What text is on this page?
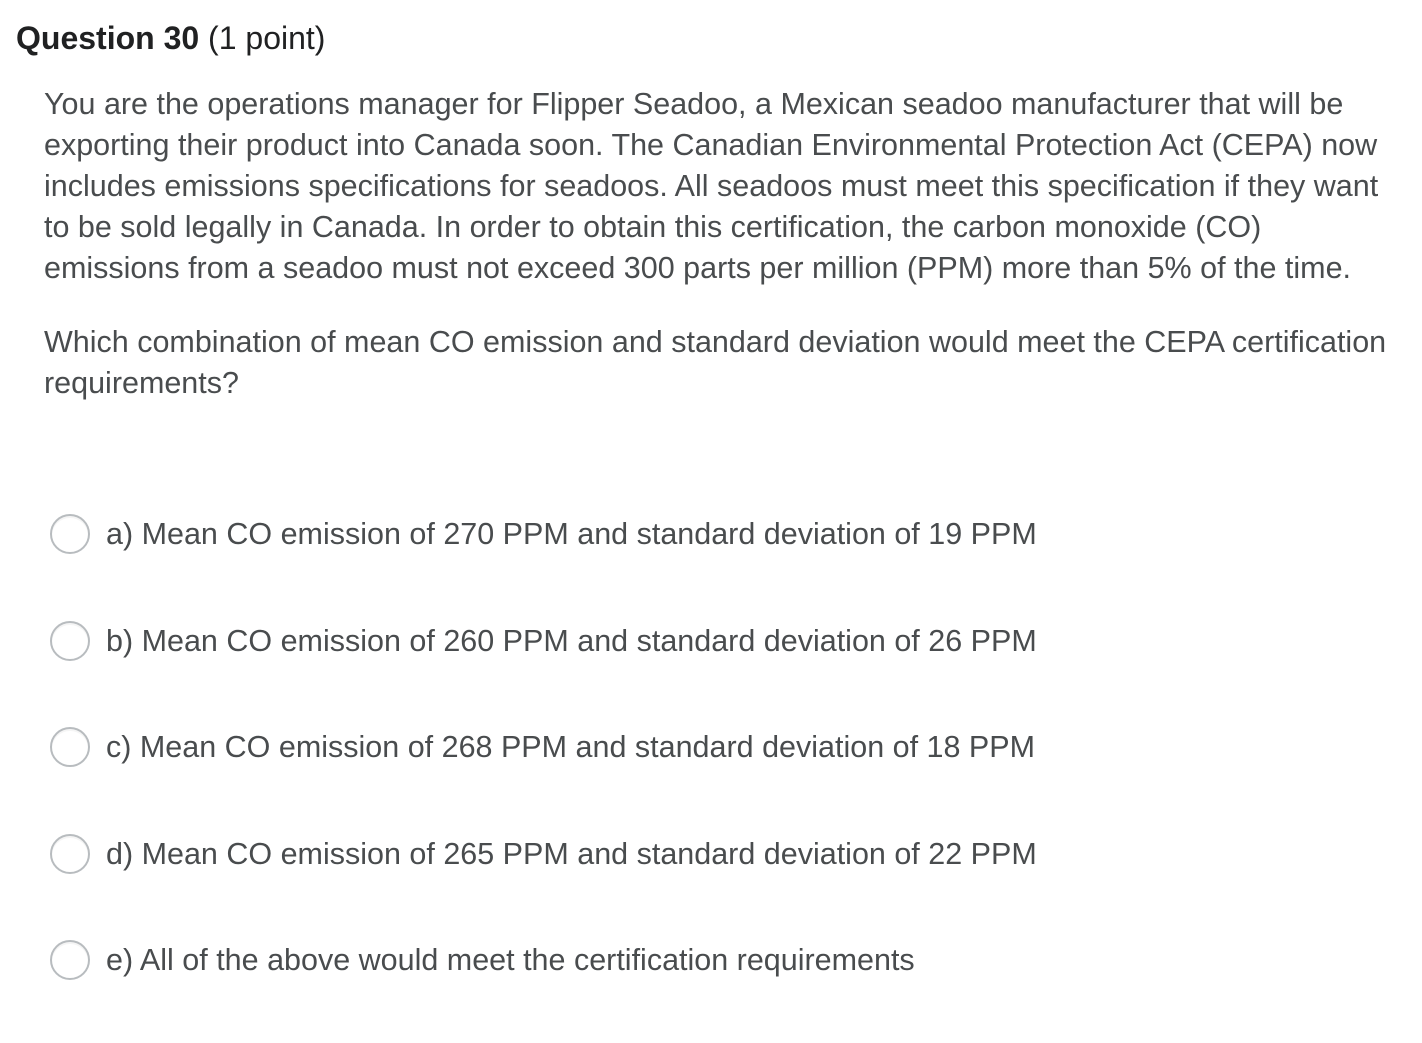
Question 30 (1 point)

You are the operations manager for Flipper Seadoo, a Mexican seadoo manufacturer that will be exporting their product into Canada soon. The Canadian Environmental Protection Act (CEPA) now includes emissions specifications for seadoos. All seadoos must meet this specification if they want to be sold legally in Canada. In order to obtain this certification, the carbon monoxide (CO) emissions from a seadoo must not exceed 300 parts per million (PPM) more than 5% of the time.

Which combination of mean CO emission and standard deviation would meet the CEPA certification requirements?

a) Mean CO emission of 270 PPM and standard deviation of 19 PPM
b) Mean CO emission of 260 PPM and standard deviation of 26 PPM
c) Mean CO emission of 268 PPM and standard deviation of 18 PPM
d) Mean CO emission of 265 PPM and standard deviation of 22 PPM
e) All of the above would meet the certification requirements
